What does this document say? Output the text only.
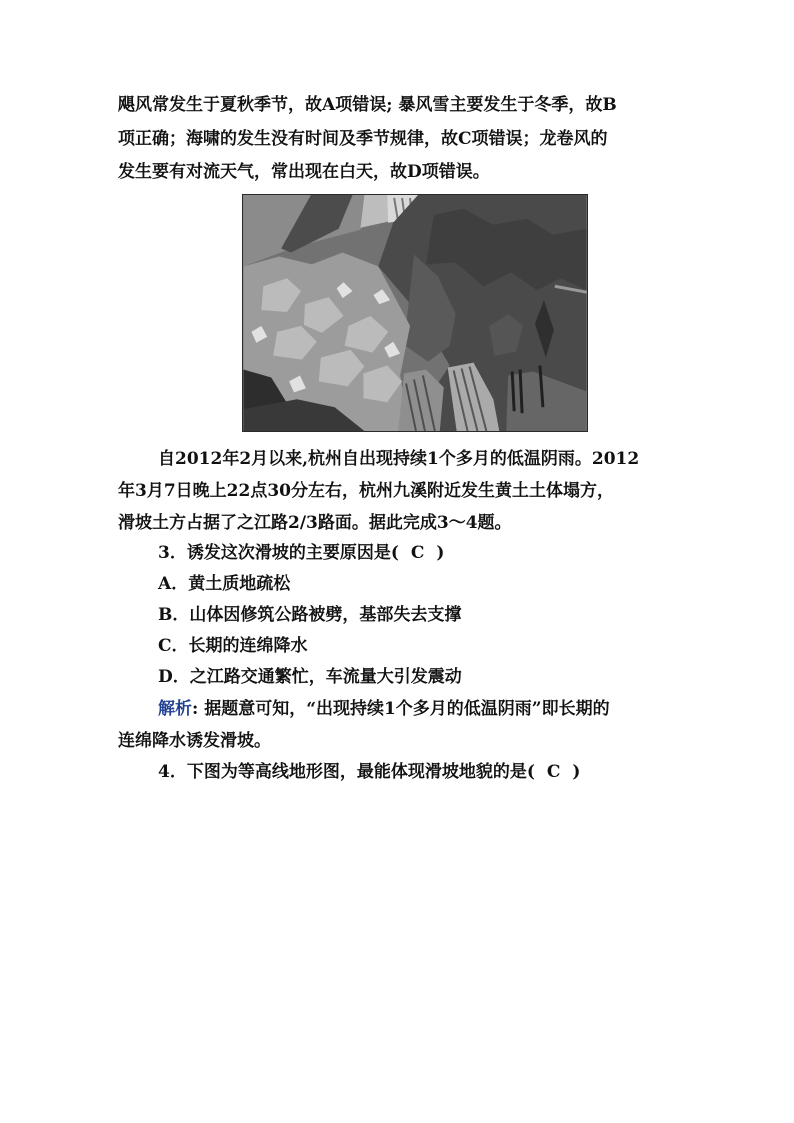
飓风常发生于夏秋季节，故A项错误; 暴风雪主要发生于冬季，故B
项正确；海啸的发生没有时间及季节规律，故C项错误；龙卷风的
发生要有对流天气，常出现在白天，故D项错误。
自2012年2月以来,杭州自出现持续1个多月的低温阴雨。2012
年3月7日晚上22点30分左右，杭州九溪附近发生黄土土体塌方，
滑坡土方占据了之江路2/3路面。据此完成3～4题。
3．诱发这次滑坡的主要原因是( C )
A．黄土质地疏松
B．山体因修筑公路被劈，基部失去支撑
C．长期的连绵降水
D．之江路交通繁忙，车流量大引发震动
解析: 据题意可知，“出现持续1个多月的低温阴雨”即长期的
连绵降水诱发滑坡。
4．下图为等高线地形图，最能体现滑坡地貌的是( C )
